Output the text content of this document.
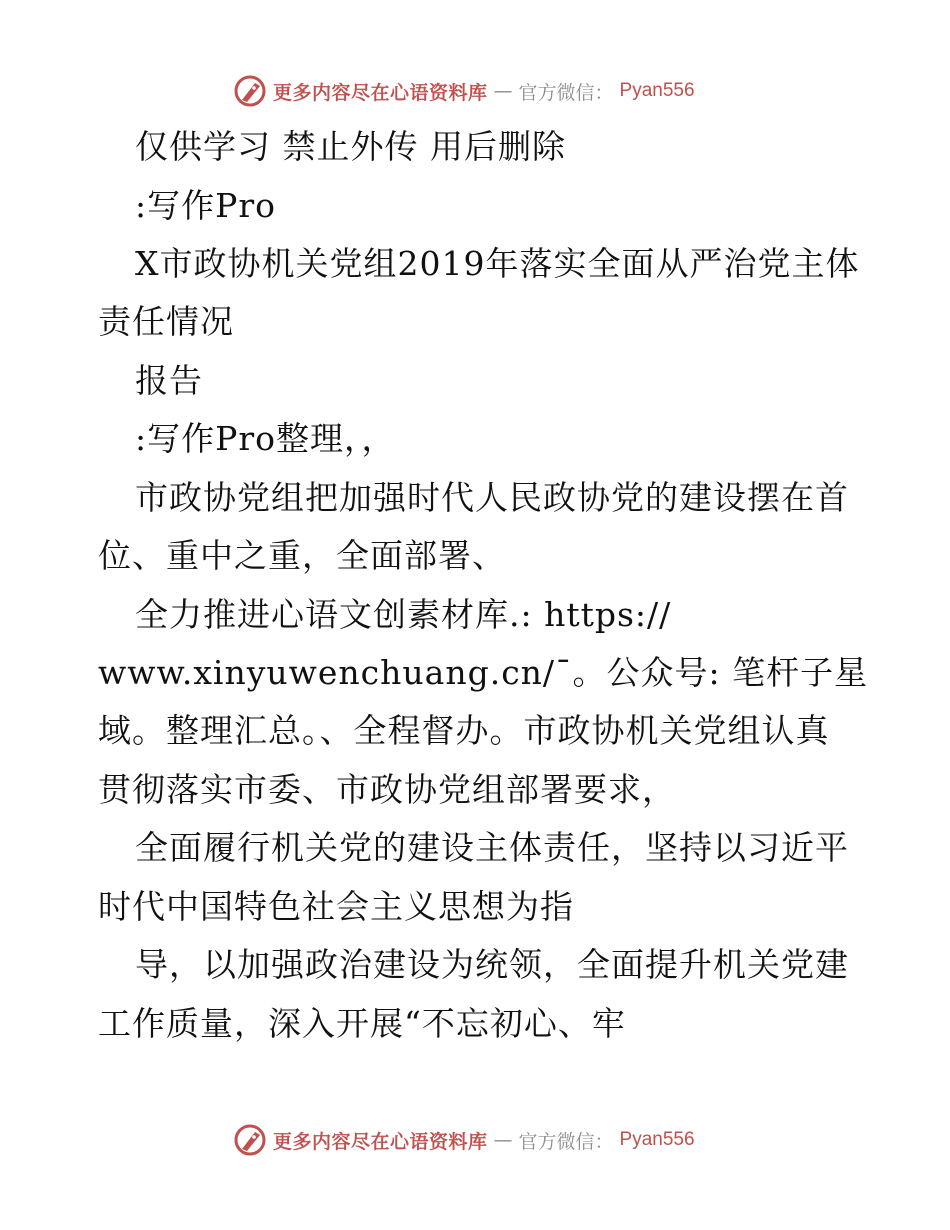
更多内容尽在心语资料库 — 官方微信： Pyan556
仅供学习 禁止外传 用后删除
:写作Pro
X市政协机关党组2019年落实全面从严治党主体
责任情况
报告
:写作Pro整理，，
市政协党组把加强时代人民政协党的建设摆在首
位、重中之重，全面部署、
全力推进心语文创素材库.: https://
www.xinyuwenchuang.cn/ˉ。公众号: 笔杆子星
域。整理汇总。、全程督办。市政协机关党组认真
贯彻落实市委、市政协党组部署要求，
全面履行机关党的建设主体责任，坚持以习近平
时代中国特色社会主义思想为指
导，以加强政治建设为统领，全面提升机关党建
工作质量，深入开展“不忘初心、牢
更多内容尽在心语资料库 — 官方微信： Pyan556
